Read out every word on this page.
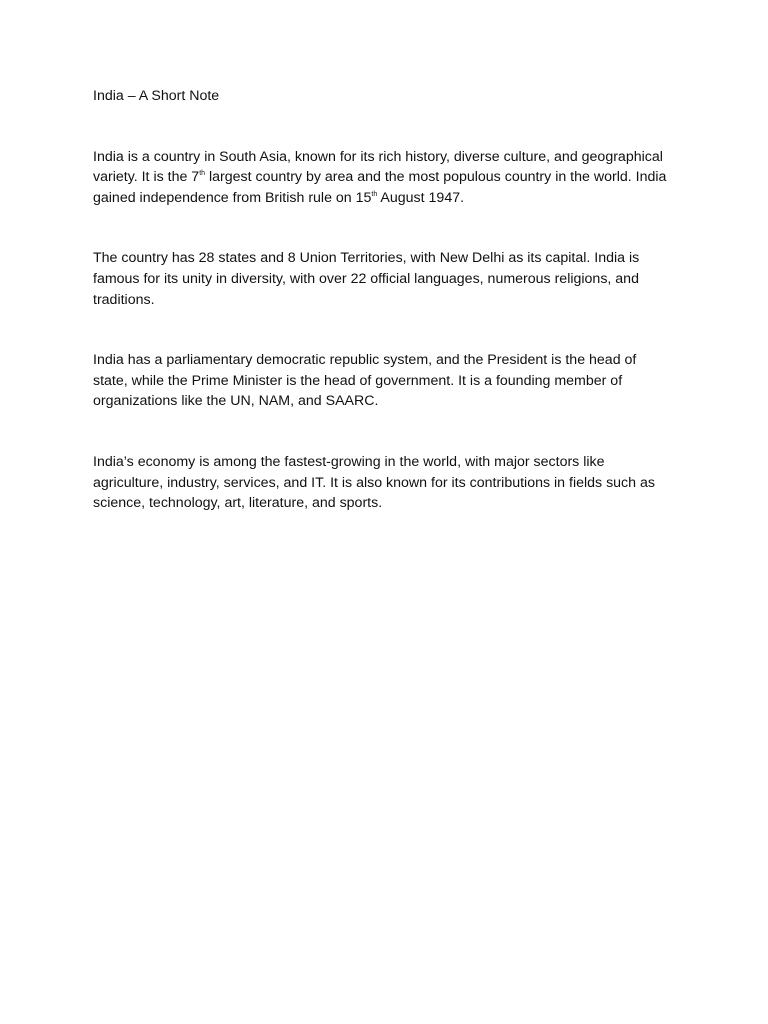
India – A Short Note
India is a country in South Asia, known for its rich history, diverse culture, and geographical variety. It is the 7th largest country by area and the most populous country in the world. India gained independence from British rule on 15th August 1947.
The country has 28 states and 8 Union Territories, with New Delhi as its capital. India is famous for its unity in diversity, with over 22 official languages, numerous religions, and traditions.
India has a parliamentary democratic republic system, and the President is the head of state, while the Prime Minister is the head of government. It is a founding member of organizations like the UN, NAM, and SAARC.
India’s economy is among the fastest-growing in the world, with major sectors like agriculture, industry, services, and IT. It is also known for its contributions in fields such as science, technology, art, literature, and sports.
